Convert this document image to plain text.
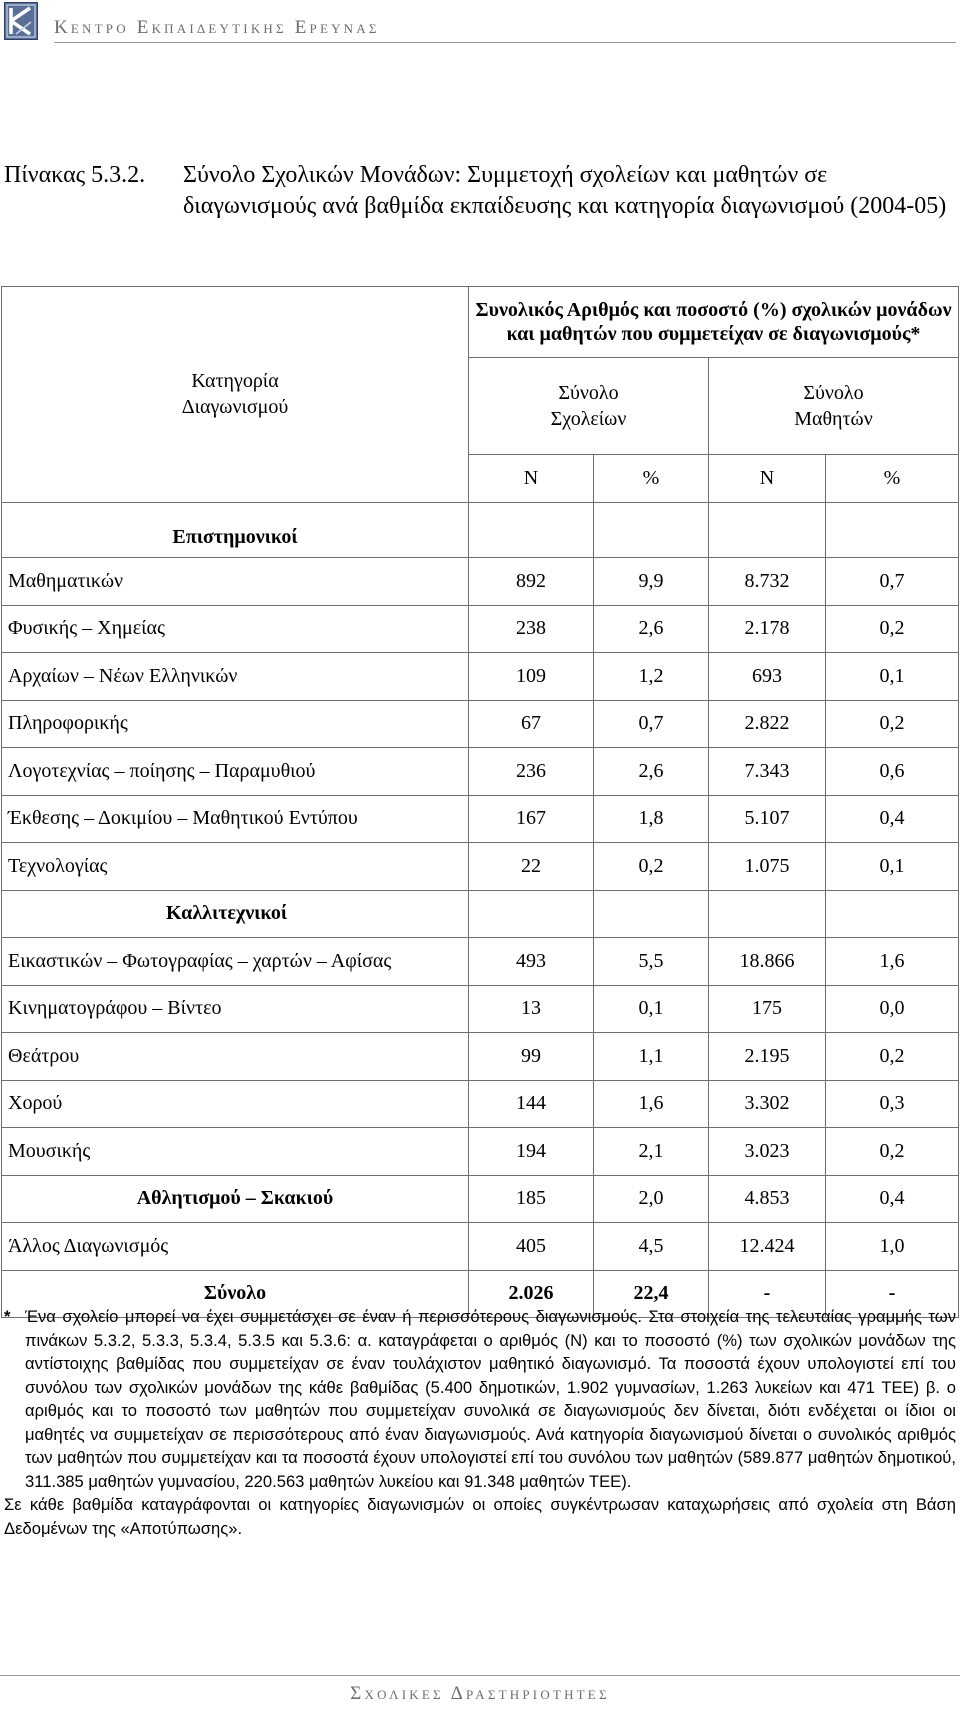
Κεντρο Εκπαιδευτικης Ερευνας
Πίνακας 5.3.2. Σύνολο Σχολικών Μονάδων: Συμμετοχή σχολείων και μαθητών σε διαγωνισμούς ανά βαθμίδα εκπαίδευσης και κατηγορία διαγωνισμού (2004-05)
Κατηγορία Διαγωνισμού	Συνολικός Αριθμός και ποσοστό (%) σχολικών μονάδων και μαθητών που συμμετείχαν σε διαγωνισμούς*			
	Σύνολο Σχολείων		Σύνολο Μαθητών	
	Ν	%	Ν	%
Επιστημονικοί				
Μαθηματικών	892	9,9	8.732	0,7
Φυσικής – Χημείας	238	2,6	2.178	0,2
Αρχαίων – Νέων Ελληνικών	109	1,2	693	0,1
Πληροφορικής	67	0,7	2.822	0,2
Λογοτεχνίας – ποίησης – Παραμυθιού	236	2,6	7.343	0,6
Έκθεσης – Δοκιμίου – Μαθητικού Εντύπου	167	1,8	5.107	0,4
Τεχνολογίας	22	0,2	1.075	0,1
Καλλιτεχνικοί				
Εικαστικών – Φωτογραφίας – χαρτών – Αφίσας	493	5,5	18.866	1,6
Κινηματογράφου – Βίντεο	13	0,1	175	0,0
Θεάτρου	99	1,1	2.195	0,2
Χορού	144	1,6	3.302	0,3
Μουσικής	194	2,1	3.023	0,2
Αθλητισμού – Σκακιού	185	2,0	4.853	0,4
Άλλος Διαγωνισμός	405	4,5	12.424	1,0
Σύνολο	2.026	22,4	-	-
* Ένα σχολείο μπορεί να έχει συμμετάσχει σε έναν ή περισσότερους διαγωνισμούς. Στα στοιχεία της τελευταίας γραμμής των πινάκων 5.3.2, 5.3.3, 5.3.4, 5.3.5 και 5.3.6: α. καταγράφεται ο αριθμός (Ν) και το ποσοστό (%) των σχολικών μονάδων της αντίστοιχης βαθμίδας που συμμετείχαν σε έναν τουλάχιστον μαθητικό διαγωνισμό. Τα ποσοστά έχουν υπολογιστεί επί του συνόλου των σχολικών μονάδων της κάθε βαθμίδας (5.400 δημοτικών, 1.902 γυμνασίων, 1.263 λυκείων και 471 ΤΕΕ) β. ο αριθμός και το ποσοστό των μαθητών που συμμετείχαν συνολικά σε διαγωνισμούς δεν δίνεται, διότι ενδέχεται οι ίδιοι οι μαθητές να συμμετείχαν σε περισσότερους από έναν διαγωνισμούς. Ανά κατηγορία διαγωνισμού δίνεται ο συνολικός αριθμός των μαθητών που συμμετείχαν και τα ποσοστά έχουν υπολογιστεί επί του συνόλου των μαθητών (589.877 μαθητών δημοτικού, 311.385 μαθητών γυμνασίου, 220.563 μαθητών λυκείου και 91.348 μαθητών ΤΕΕ).
Σε κάθε βαθμίδα καταγράφονται οι κατηγορίες διαγωνισμών οι οποίες συγκέντρωσαν καταχωρήσεις από σχολεία στη Βάση Δεδομένων της «Αποτύπωσης».
Σχολικες Δραστηριοτητες
